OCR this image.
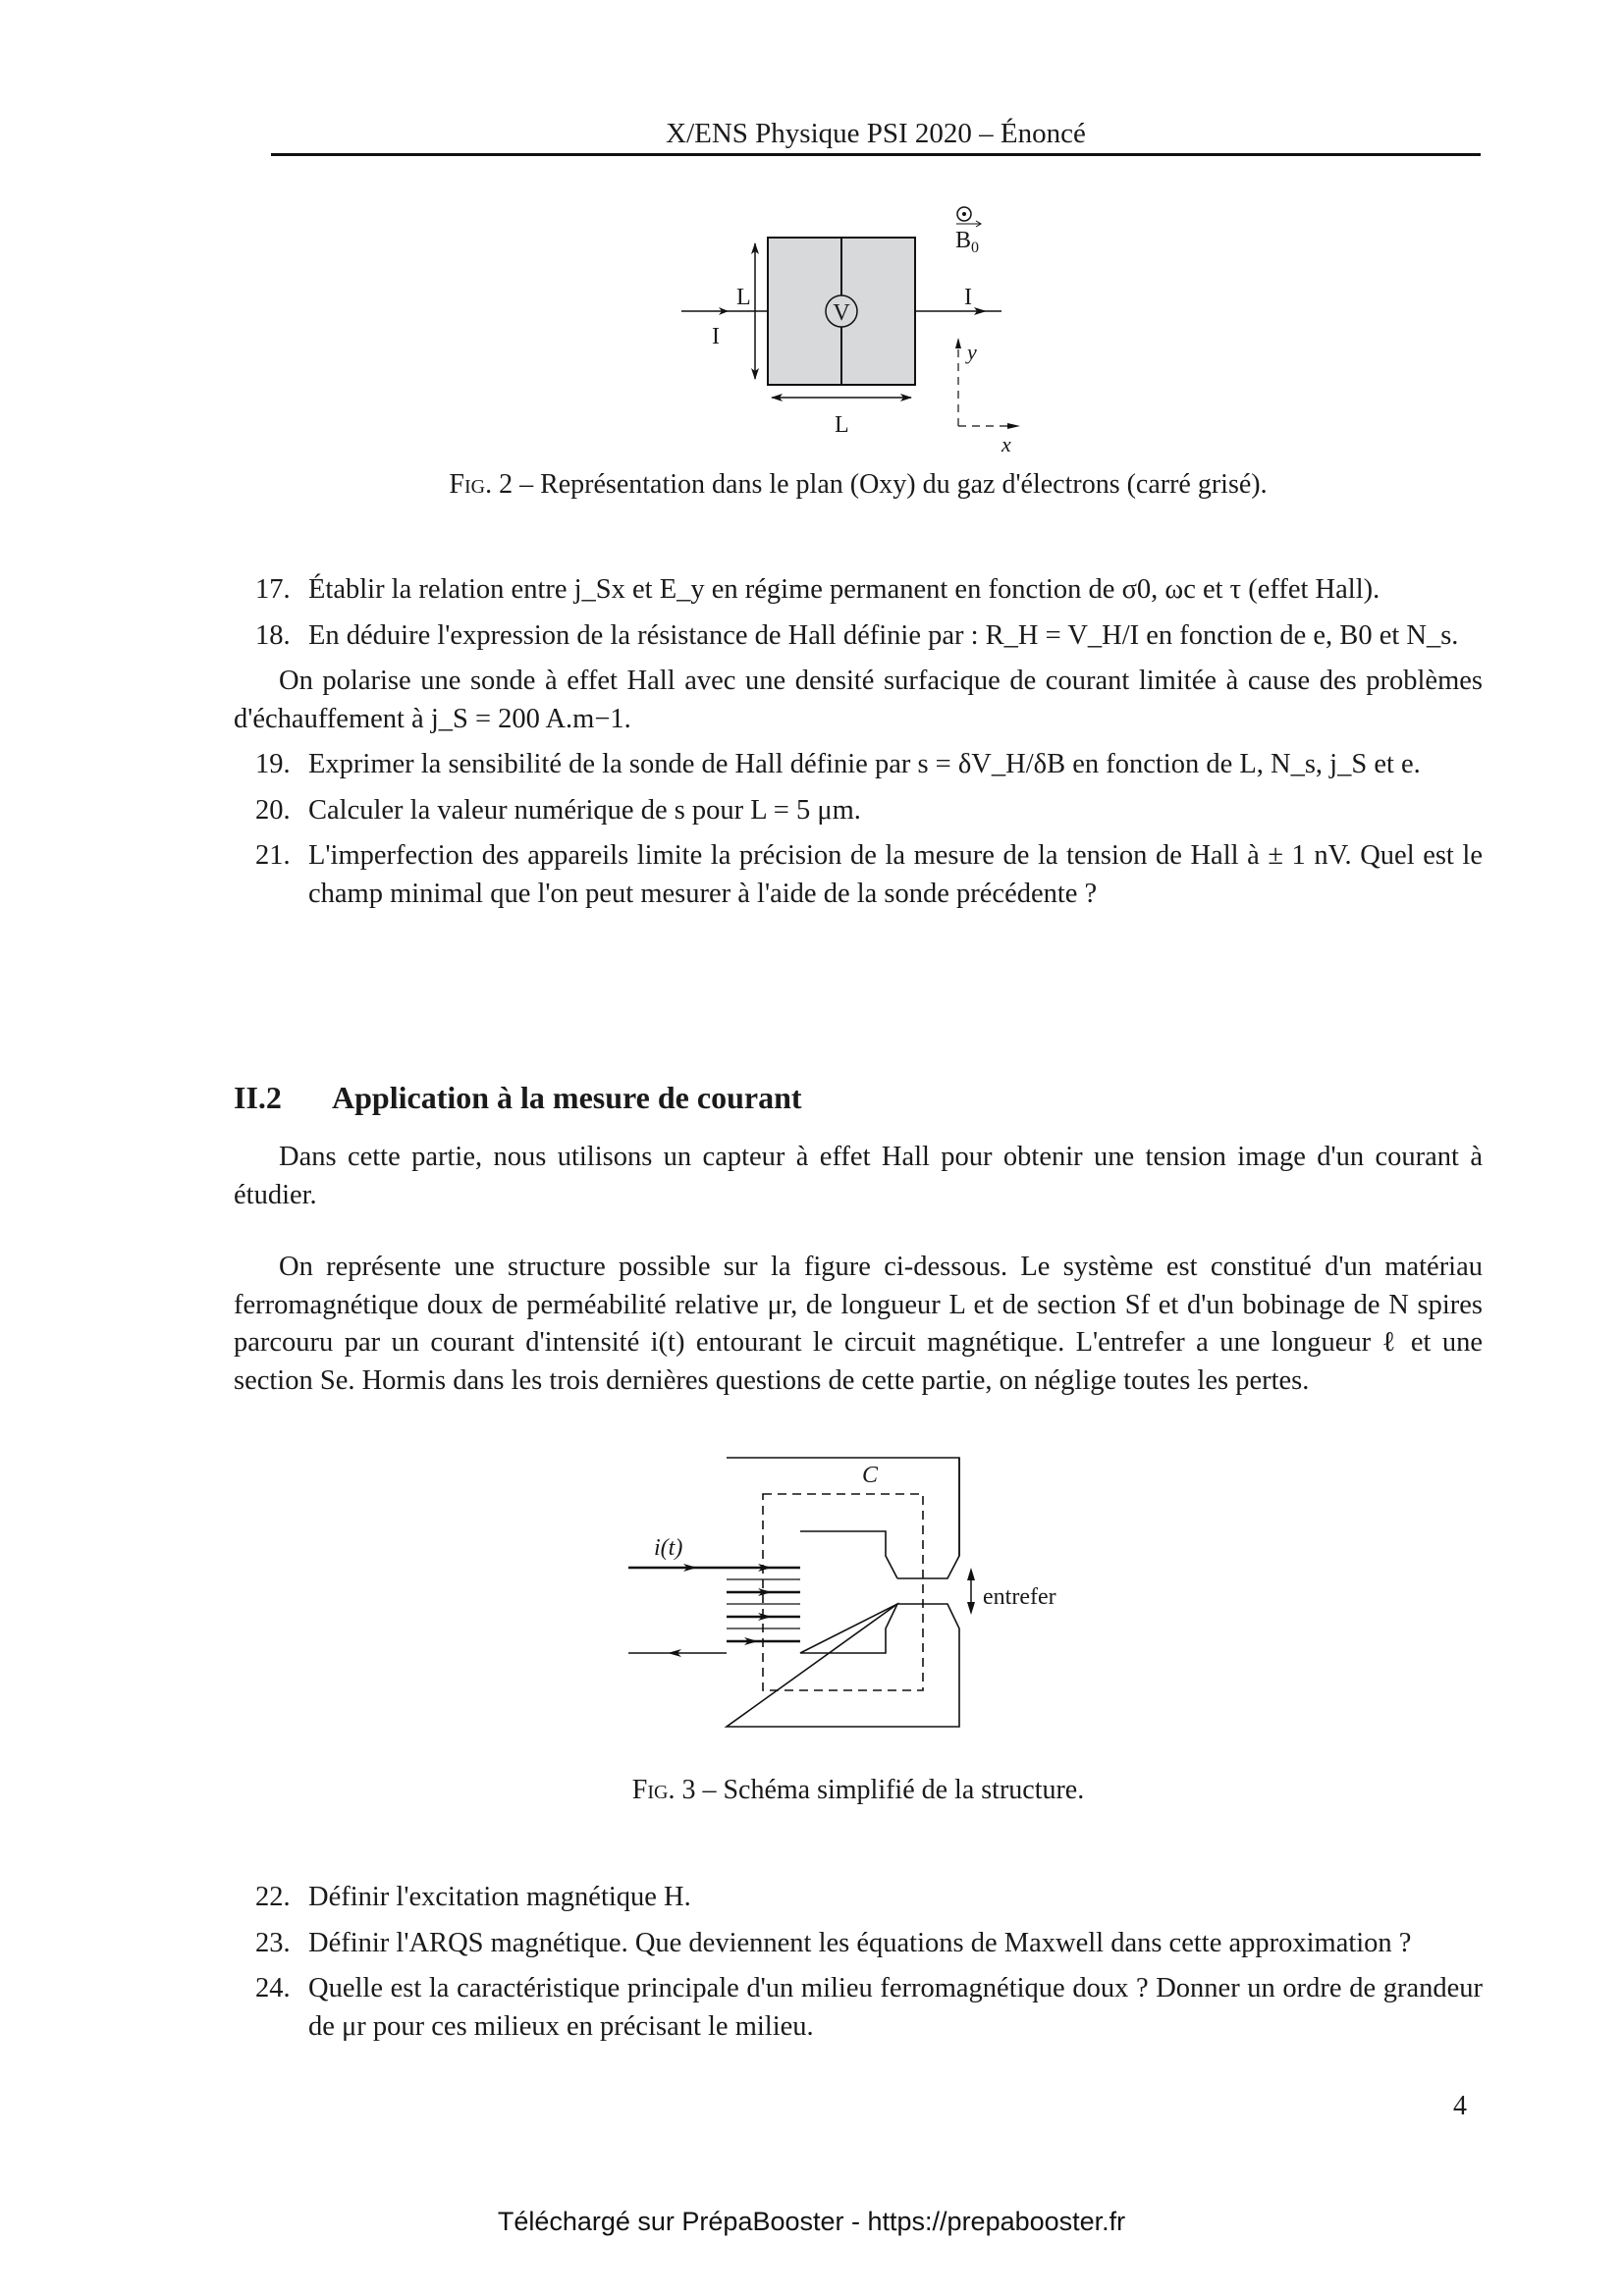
X/ENS Physique PSI 2020 – Énoncé
V
I
I
L
L
$B_0$
y
x
Fig. 2 – Représentation dans le plan (Oxy) du gaz d'électrons (carré grisé).

17. Établir la relation entre j_Sx et E_y en régime permanent en fonction de σ0, ωc et τ (effet Hall).

18. En déduire l'expression de la résistance de Hall définie par : R_H = V_H/I en fonction de e, B0 et N_s.

On polarise une sonde à effet Hall avec une densité surfacique de courant limitée à cause des problèmes d'échauffement à j_S = 200 A.m−1.

19. Exprimer la sensibilité de la sonde de Hall définie par s = δV_H/δB en fonction de L, N_s, j_S et e.

20. Calculer la valeur numérique de s pour L = 5 μm.

21. L'imperfection des appareils limite la précision de la mesure de la tension de Hall à ± 1 nV. Quel est le champ minimal que l'on peut mesurer à l'aide de la sonde précédente ?

II.2 Application à la mesure de courant

Dans cette partie, nous utilisons un capteur à effet Hall pour obtenir une tension image d'un courant à étudier.

On représente une structure possible sur la figure ci-dessous. Le système est constitué d'un matériau ferromagnétique doux de perméabilité relative μr, de longueur L et de section Sf et d'un bobinage de N spires parcouru par un courant d'intensité i(t) entourant le circuit magnétique. L'entrefer a une longueur ℓ et une section Se. Hormis dans les trois dernières questions de cette partie, on néglige toutes les pertes.

C
i(t)
entrefer
Fig. 3 – Schéma simplifié de la structure.

22. Définir l'excitation magnétique H.

23. Définir l'ARQS magnétique. Que deviennent les équations de Maxwell dans cette approximation ?

24. Quelle est la caractéristique principale d'un milieu ferromagnétique doux ? Donner un ordre de grandeur de μr pour ces milieux en précisant le milieu.

4
Téléchargé sur PrépaBooster - https://prepabooster.fr
